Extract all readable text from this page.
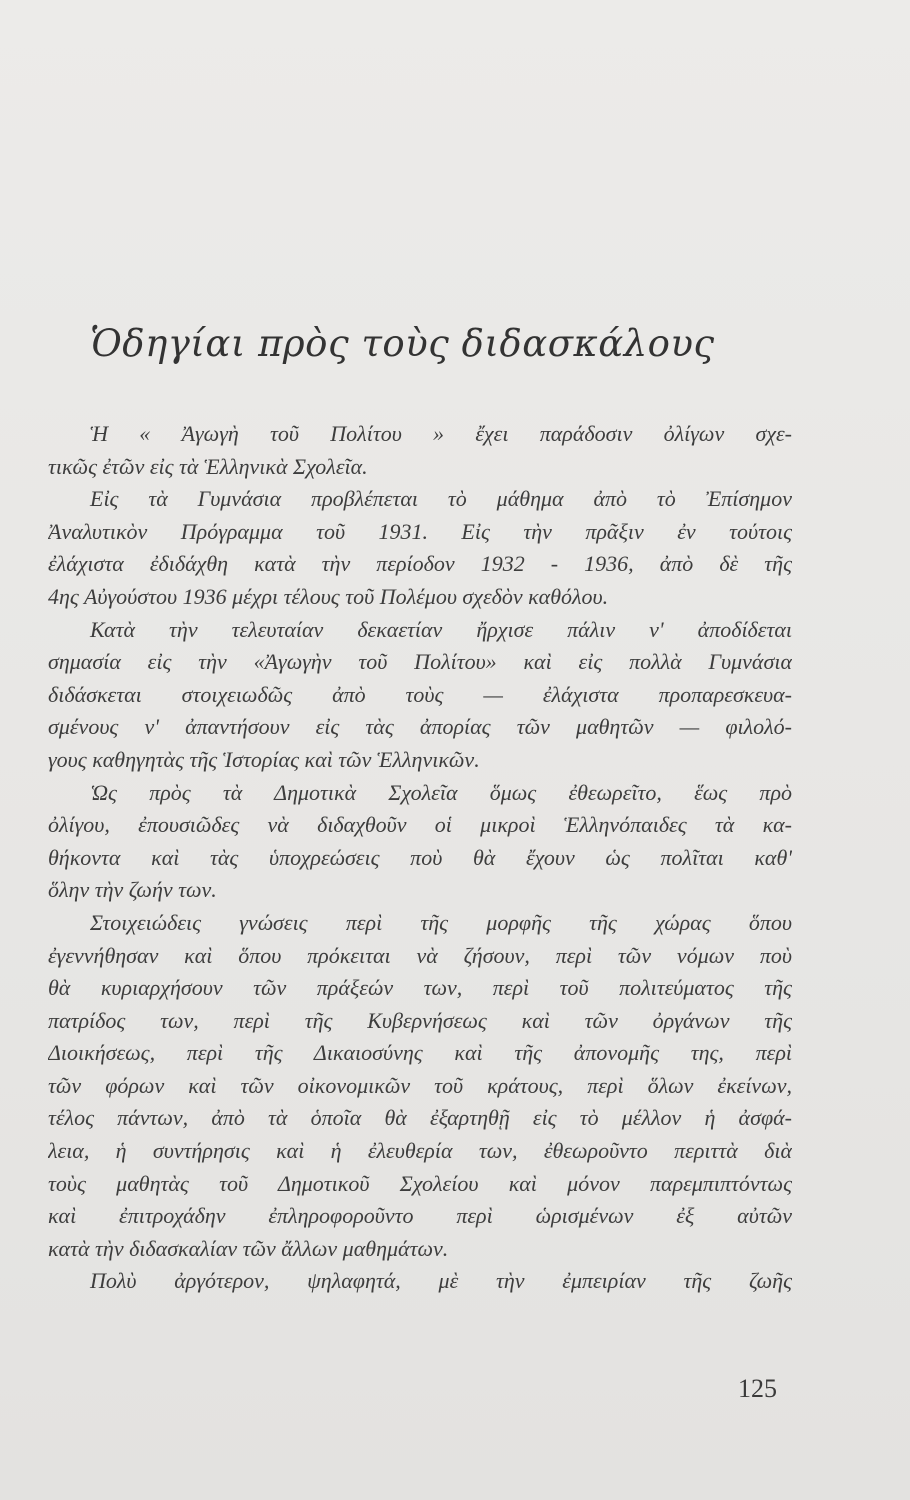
Ὁδηγίαι πρὸς τοὺς διδασκάλους
Ἡ « Ἀγωγὴ τοῦ Πολίτου » ἔχει παράδοσιν ὀλίγων σχε-
τικῶς ἐτῶν εἰς τὰ Ἑλληνικὰ Σχολεῖα.
Εἰς τὰ Γυμνάσια προβλέπεται τὸ μάθημα ἀπὸ τὸ Ἐπίσημον
Ἀναλυτικὸν Πρόγραμμα τοῦ 1931. Εἰς τὴν πρᾶξιν ἐν τούτοις
ἐλάχιστα ἐδιδάχθη κατὰ τὴν περίοδον 1932 - 1936, ἀπὸ δὲ τῆς
4ης Αὐγούστου 1936 μέχρι τέλους τοῦ Πολέμου σχεδὸν καθόλου.
Κατὰ τὴν τελευταίαν δεκαετίαν ἤρχισε πάλιν ν' ἀποδίδεται
σημασία εἰς τὴν «Ἀγωγὴν τοῦ Πολίτου» καὶ εἰς πολλὰ Γυμνάσια
διδάσκεται στοιχειωδῶς ἀπὸ τοὺς — ἐλάχιστα προπαρεσκευα-
σμένους ν' ἀπαντήσουν εἰς τὰς ἀπορίας τῶν μαθητῶν — φιλολό-
γους καθηγητὰς τῆς Ἱστορίας καὶ τῶν Ἑλληνικῶν.
Ὡς πρὸς τὰ Δημοτικὰ Σχολεῖα ὅμως ἐθεωρεῖτο, ἕως πρὸ
ὀλίγου, ἐπουσιῶδες νὰ διδαχθοῦν οἱ μικροὶ Ἑλληνόπαιδες τὰ κα-
θήκοντα καὶ τὰς ὑποχρεώσεις ποὺ θὰ ἔχουν ὡς πολῖται καθ'
ὅλην τὴν ζωήν των.
Στοιχειώδεις γνώσεις περὶ τῆς μορφῆς τῆς χώρας ὅπου
ἐγεννήθησαν καὶ ὅπου πρόκειται νὰ ζήσουν, περὶ τῶν νόμων ποὺ
θὰ κυριαρχήσουν τῶν πράξεών των, περὶ τοῦ πολιτεύματος τῆς
πατρίδος των, περὶ τῆς Κυβερνήσεως καὶ τῶν ὀργάνων τῆς
Διοικήσεως, περὶ τῆς Δικαιοσύνης καὶ τῆς ἀπονομῆς της, περὶ
τῶν φόρων καὶ τῶν οἰκονομικῶν τοῦ κράτους, περὶ ὅλων ἐκείνων,
τέλος πάντων, ἀπὸ τὰ ὁποῖα θὰ ἐξαρτηθῇ εἰς τὸ μέλλον ἡ ἀσφά-
λεια, ἡ συντήρησις καὶ ἡ ἐλευθερία των, ἐθεωροῦντο περιττὰ διὰ
τοὺς μαθητὰς τοῦ Δημοτικοῦ Σχολείου καὶ μόνον παρεμπιπτόντως
καὶ ἐπιτροχάδην ἐπληροφοροῦντο περὶ ὡρισμένων ἐξ αὐτῶν
κατὰ τὴν διδασκαλίαν τῶν ἄλλων μαθημάτων.
Πολὺ ἀργότερον, ψηλαφητά, μὲ τὴν ἐμπειρίαν τῆς ζωῆς
125
